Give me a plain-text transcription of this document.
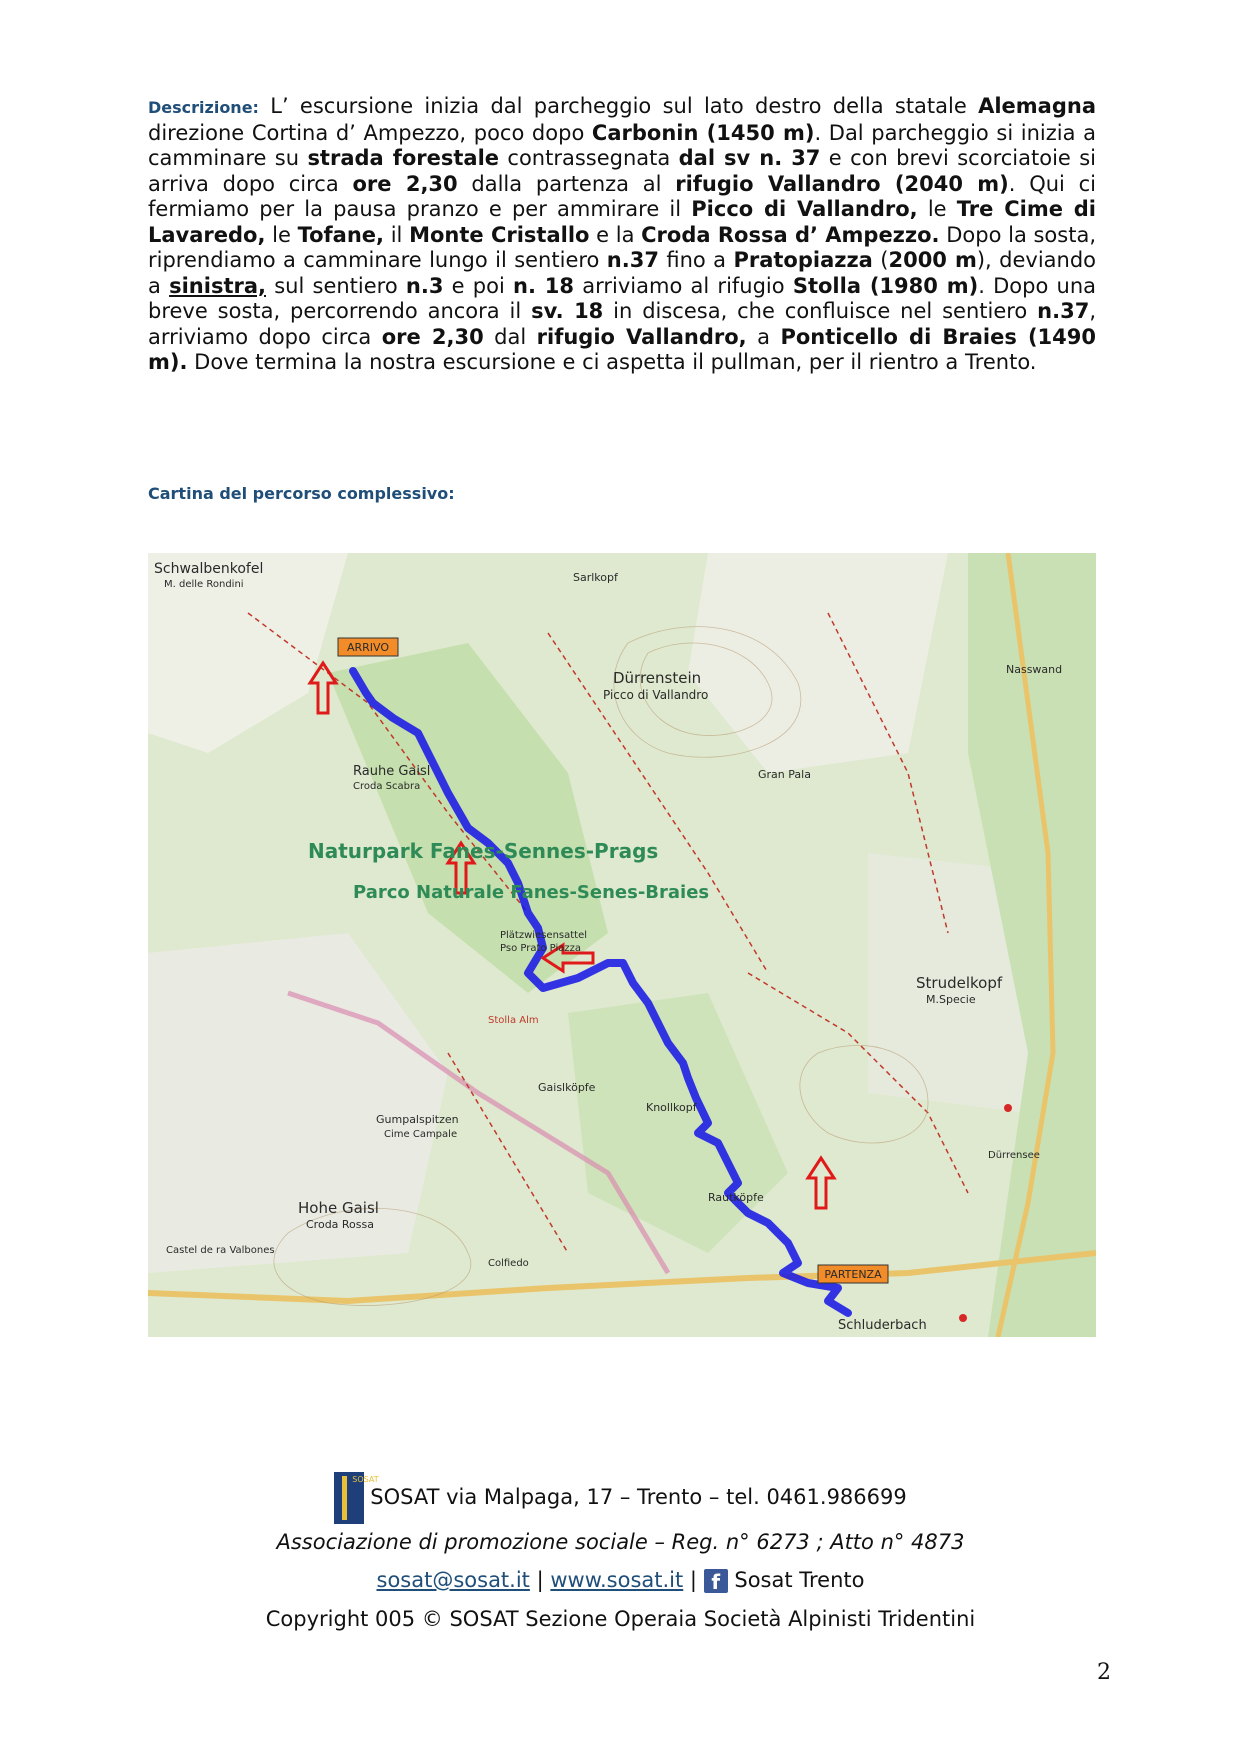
Descrizione: L’ escursione inizia dal parcheggio sul lato destro della statale Alemagna direzione Cortina d’ Ampezzo, poco dopo Carbonin (1450 m). Dal parcheggio si inizia a camminare su strada forestale contrassegnata dal sv n. 37 e con brevi scorciatoie si arriva dopo circa ore 2,30 dalla partenza al rifugio Vallandro (2040 m). Qui ci fermiamo per la pausa pranzo e per ammirare il Picco di Vallandro, le Tre Cime di Lavaredo, le Tofane, il Monte Cristallo e la Croda Rossa d’ Ampezzo. Dopo la sosta, riprendiamo a camminare lungo il sentiero n.37 fino a Pratopiazza (2000 m), deviando a sinistra, sul sentiero n.3 e poi n. 18 arriviamo al rifugio Stolla (1980 m). Dopo una breve sosta, percorrendo ancora il sv. 18 in discesa, che confluisce nel sentiero n.37, arriviamo dopo circa ore 2,30 dal rifugio Vallandro, a Ponticello di Braies (1490 m). Dove termina la nostra escursione e ci aspetta il pullman, per il rientro a Trento.
Cartina del percorso complessivo:
ARRIVO
PARTENZA
Schwalbenkofel
M. delle Rondini
Dürrenstein
Picco di Vallandro
Naturpark Fanes-Sennes-Prags
Parco Naturale Fanes-Senes-Braies
Rauhe Gaisl
Croda Scabra
Plätzwiesensattel
Pso Prato Piazza
Stolla Alm
Strudelkopf
M.Specie
Hohe Gaisl
Croda Rossa
Schluderbach
Gran Pala
Sarlkopf
Knollkopf
Rautköpfe
Gaislköpfe
Castel de ra Valbones
Colfiedo
Nasswand
Dürrensee
Gumpalspitzen
Cime Campale
SOSAT
SOSAT via Malpaga, 17 – Trento – tel. 0461.986699
Associazione di promozione sociale – Reg. n° 6273 ; Atto n° 4873
sosat@sosat.it | www.sosat.it | f Sosat Trento
Copyright 005 © SOSAT Sezione Operaia Società Alpinisti Tridentini
2
